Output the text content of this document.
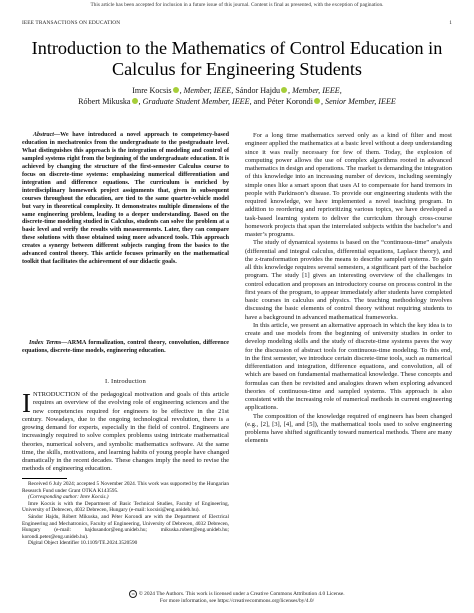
This article has been accepted for inclusion in a future issue of this journal. Content is final as presented, with the exception of pagination.
IEEE TRANSACTIONS ON EDUCATION	1
Introduction to the Mathematics of Control Education in Calculus for Engineering Students
Imre Kocsis , Member, IEEE, Sándor Hajdu , Member, IEEE,
Róbert Mikuska , Graduate Student Member, IEEE, and Péter Korondi , Senior Member, IEEE
Abstract—We have introduced a novel approach to competency-based education in mechatronics from the undergraduate to the postgraduate level. What distinguishes this approach is the integration of modeling and control of sampled systems right from the beginning of the undergraduate education. It is achieved by changing the structure of the first-semester Calculus course to focus on discrete-time systems: emphasizing numerical differentiation and integration and difference equations. The curriculum is enriched by interdisciplinary homework project assignments that, given in subsequent courses throughout the education, are tied to the same quarter-vehicle model but vary in theoretical complexity. It demonstrates multiple dimensions of the same engineering problem, leading to a deeper understanding. Based on the discrete-time modeling studied in Calculus, students can solve the problem at a basic level and verify the results with measurements. Later, they can compare these solutions with those obtained using more advanced tools. This approach creates a synergy between different subjects ranging from the basics to the advanced control theory. This article focuses primarily on the mathematical toolkit that facilitates the achievement of our didactic goals.
Index Terms—ARMA formalization, control theory, convolution, difference equations, discrete-time models, engineering education.
I. Introduction
INTRODUCTION of the pedagogical motivation and goals of this article requires an overview of the evolving role of engineering sciences and the new competencies required for engineers to be effective in the 21st century. Nowadays, due to the ongoing technological revolution, there is a growing demand for experts, especially in the field of control. Engineers are increasingly required to solve complex problems using intricate mathematical theories, numerical solvers, and symbolic mathematics software. At the same time, the skills, motivations, and learning habits of young people have changed dramatically in the recent decades. These changes imply the need to revise the methods of engineering education.

Received 6 July 2024; accepted 5 November 2024. This work was supported by the Hungarian Research Fund under Grant OTKA K143595.

(Corresponding author: Imre Kocsis.)

Imre Kocsis is with the Department of Basic Technical Studies, Faculty of Engineering, University of Debrecen, 4032 Debrecen, Hungary (e-mail: kocsisi@eng.unideb.hu).

Sándor Hajdu, Róbert Mikuska, and Péter Korondi are with the Department of Electrical Engineering and Mechatronics, Faculty of Engineering, University of Debrecen, 4032 Debrecen, Hungary (e-mail: hajdusandor@eng.unideb.hu; mikuska.robert@eng.unideb.hu; korondi.peter@eng.unideb.hu).

Digital Object Identifier 10.1109/TE.2024.3520590

For a long time mathematics served only as a kind of filter and most engineer applied the mathematics at a basic level without a deep understanding since it was really necessary for few of them. Today, the explosion of computing power allows the use of complex algorithms rooted in advanced mathematics in design and operations. The market is demanding the integration of this knowledge into an increasing number of devices, including seemingly simple ones like a smart spoon that uses AI to compensate for hand tremors in people with Parkinson’s disease. To provide our engineering students with the required knowledge, we have implemented a novel teaching program. In addition to reordering and reprioritizing various topics, we have developed a task-based learning system to deliver the curriculum through cross-course homework projects that span the interrelated subjects within the bachelor’s and master’s programs.

The study of dynamical systems is based on the “continuous-time” analysis (differential and integral calculus, differential equations, Laplace theory), and the z-transformation provides the means to describe sampled systems. To gain all this knowledge requires several semesters, a significant part of the bachelor program. The study [1] gives an interesting overview of the challenges in control education and proposes an introductory course on process control in the first years of the program, to appear immediately after students have completed basic courses in calculus and physics. The teaching methodology involves discussing the basic elements of control theory without requiring students to have a background in advanced mathematical frameworks.

In this article, we present an alternative approach in which the key idea is to create and use models from the beginning of university studies in order to develop modeling skills and the study of discrete-time systems paves the way for the discussion of abstract tools for continuous-time modeling. To this end, in the first semester, we introduce certain discrete-time tools, such as numerical differentiation and integration, difference equations, and convolution, all of which are based on fundamental mathematical knowledge. These concepts and formulas can then be revisited and analogies drawn when exploring advanced theories of continuous-time and sampled systems. This approach is also consistent with the increasing role of numerical methods in current engineering applications.

The composition of the knowledge required of engineers has been changed (e.g., [2], [3], [4], and [5]), the mathematical tools used to solve engineering problems have shifted significantly toward numerical methods. There are many elements

cc © 2024 The Authors. This work is licensed under a Creative Commons Attribution 4.0 License.
For more information, see https://creativecommons.org/licenses/by/4.0/
